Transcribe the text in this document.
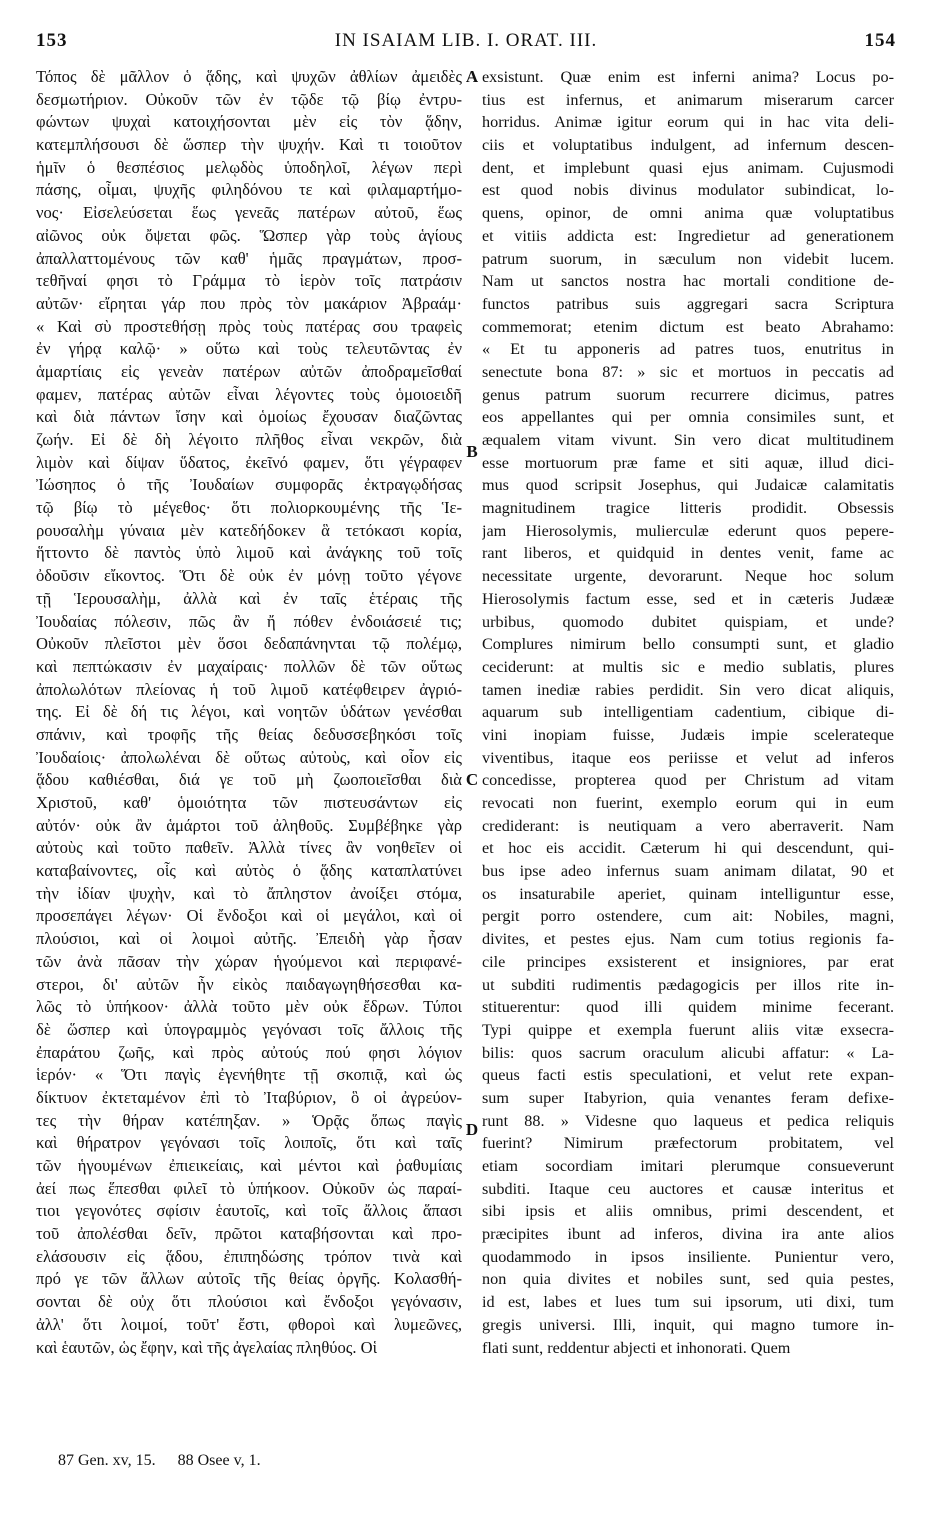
153	IN ISAIAM LIB. I. ORAT. III.	154
Τόπος δὲ μᾶλλον ὁ ᾅδης, καὶ ψυχῶν ἀθλίων ἀμειδὲς
δεσμωτήριον. Οὐκοῦν τῶν ἐν τῷδε τῷ βίῳ ἐντρυ-
φώντων ψυχαὶ κατοιχήσονται μὲν εἰς τὸν ᾅδην,
κατεμπλήσουσι δὲ ὥσπερ τὴν ψυχήν. Καὶ τι τοιοῦτον
ἡμῖν ὁ θεσπέσιος μελῳδὸς ὑποδηλοῖ, λέγων περὶ
πάσης, οἶμαι, ψυχῆς φιληδόνου τε καὶ φιλαμαρτήμο-
νος· Εἰσελεύσεται ἕως γενεᾶς πατέρων αὐτοῦ, ἕως
αἰῶνος οὐκ ὄψεται φῶς. Ὥσπερ γὰρ τοὺς ἁγίους
ἀπαλλαττομένους τῶν καθ' ἡμᾶς πραγμάτων, προσ-
τεθῆναί φησι τὸ Γράμμα τὸ ἱερὸν τοῖς πατράσιν
αὐτῶν· εἴρηται γάρ που πρὸς τὸν μακάριον Ἀβραάμ·
« Καὶ σὺ προστεθήσῃ πρὸς τοὺς πατέρας σου τραφεὶς
ἐν γήρᾳ καλῷ· » οὕτω καὶ τοὺς τελευτῶντας ἐν
ἁμαρτίαις εἰς γενεὰν πατέρων αὐτῶν ἀποδραμεῖσθαί
φαμεν, πατέρας αὐτῶν εἶναι λέγοντες τοὺς ὁμοιοειδῆ
καὶ διὰ πάντων ἴσην καὶ ὁμοίως ἔχουσαν διαζῶντας
ζωήν. Εἰ δὲ δὴ λέγοιτο πλῆθος εἶναι νεκρῶν, διὰ
λιμὸν καὶ δίψαν ὕδατος, ἐκεῖνό φαμεν, ὅτι γέγραφεν
Ἰώσηπος ὁ τῆς Ἰουδαίων συμφορᾶς ἐκτραγῳδήσας
τῷ βίῳ τὸ μέγεθος· ὅτι πολιορκουμένης τῆς Ἱε-
ρουσαλὴμ γύναια μὲν κατεδήδοκεν ἃ τετόκασι κορία,
ἥττοντο δὲ παντὸς ὑπὸ λιμοῦ καὶ ἀνάγκης τοῦ τοῖς
ὀδοῦσιν εἴκοντος. Ὅτι δὲ οὐκ ἐν μόνῃ τοῦτο γέγονε
τῇ Ἱερουσαλὴμ, ἀλλὰ καὶ ἐν ταῖς ἑτέραις τῆς
Ἰουδαίας πόλεσιν, πῶς ἂν ἤ πόθεν ἐνδοιάσειέ τις;
Οὐκοῦν πλεῖστοι μὲν ὅσοι δεδαπάνηνται τῷ πολέμῳ,
καὶ πεπτώκασιν ἐν μαχαίραις· πολλῶν δὲ τῶν οὕτως
ἀπολωλότων πλείονας ἡ τοῦ λιμοῦ κατέφθειρεν ἀγριό-
της. Εἰ δὲ δή τις λέγοι, καὶ νοητῶν ὑδάτων γενέσθαι
σπάνιν, καὶ τροφῆς τῆς θείας δεδυσσεβηκόσι τοῖς
Ἰουδαίοις· ἀπολωλέναι δὲ οὕτως αὐτοὺς, καὶ οἷον εἰς
ᾅδου καθιέσθαι, διά γε τοῦ μὴ ζωοποιεῖσθαι διὰ
Χριστοῦ, καθ' ὁμοιότητα τῶν πιστευσάντων εἰς
αὐτόν· οὐκ ἂν ἁμάρτοι τοῦ ἀληθοῦς. Συμβέβηκε γὰρ
αὐτοὺς καὶ τοῦτο παθεῖν. Ἀλλὰ τίνες ἂν νοηθεῖεν οἱ
καταβαίνοντες, οἷς καὶ αὐτὸς ὁ ᾅδης καταπλατύνει
τὴν ἰδίαν ψυχὴν, καὶ τὸ ἄπληστον ἀνοίξει στόμα,
προσεπάγει λέγων· Οἱ ἔνδοξοι καὶ οἱ μεγάλοι, καὶ οἱ
πλούσιοι, καὶ οἱ λοιμοὶ αὐτῆς. Ἐπειδὴ γὰρ ἦσαν
τῶν ἀνὰ πᾶσαν τὴν χώραν ἡγούμενοι καὶ περιφανέ-
στεροι, δι' αὐτῶν ἦν εἰκὸς παιδαγωγηθήσεσθαι κα-
λῶς τὸ ὑπήκοον· ἀλλὰ τοῦτο μὲν οὐκ ἔδρων. Τύποι
δὲ ὥσπερ καὶ ὑπογραμμὸς γεγόνασι τοῖς ἄλλοις τῆς
ἐπαράτου ζωῆς, καὶ πρὸς αὐτούς πού φησι λόγιον
ἱερόν· « Ὅτι παγὶς ἐγενήθητε τῇ σκοπιᾷ, καὶ ὡς
δίκτυον ἐκτεταμένον ἐπὶ τὸ Ἰταβύριον, ὃ οἱ ἀγρεύον-
τες τὴν θήραν κατέπηξαν. » Ὁρᾷς ὅπως παγὶς
καὶ θήρατρον γεγόνασι τοῖς λοιποῖς, ὅτι καὶ ταῖς
τῶν ἡγουμένων ἐπιεικείαις, καὶ μέντοι καὶ ῥαθυμίαις
ἀεί πως ἕπεσθαι φιλεῖ τὸ ὑπήκοον. Οὐκοῦν ὡς παραί-
τιοι γεγονότες σφίσιν ἑαυτοῖς, καὶ τοῖς ἄλλοις ἅπασι
τοῦ ἀπολέσθαι δεῖν, πρῶτοι καταβήσονται καὶ προ-
ελάσουσιν εἰς ᾅδου, ἐπιπηδώσης τρόπον τινὰ καὶ
πρό γε τῶν ἄλλων αὐτοῖς τῆς θείας ὀργῆς. Κολασθή-
σονται δὲ οὐχ ὅτι πλούσιοι καὶ ἔνδοξοι γεγόνασιν,
ἀλλ' ὅτι λοιμοί, τοῦτ' ἔστι, φθοροὶ καὶ λυμεῶνες,
καὶ ἑαυτῶν, ὡς ἔφην, καὶ τῆς ἀγελαίας πληθύος. Οἱ
exsistunt. Quæ enim est inferni anima? Locus po-
tius est infernus, et animarum miserarum carcer
horridus. Animæ igitur eorum qui in hac vita deli-
ciis et voluptatibus indulgent, ad infernum descen-
dent, et implebunt quasi ejus animam. Cujusmodi
est quod nobis divinus modulator subindicat, lo-
quens, opinor, de omni anima quæ voluptatibus
et vitiis addicta est: Ingredietur ad generationem
patrum suorum, in sæculum non videbit lucem.
Nam ut sanctos nostra hac mortali conditione de-
functos patribus suis aggregari sacra Scriptura
commemorat; etenim dictum est beato Abrahamo:
« Et tu apponeris ad patres tuos, enutritus in
senectute bona 87: » sic et mortuos in peccatis ad
genus patrum suorum recurrere dicimus, patres
eos appellantes qui per omnia consimiles sunt, et
æqualem vitam vivunt. Sin vero dicat multitudinem
esse mortuorum præ fame et siti aquæ, illud dici-
mus quod scripsit Josephus, qui Judaicæ calamitatis
magnitudinem tragice litteris prodidit. Obsessis
jam Hierosolymis, mulierculæ ederunt quos pepere-
rant liberos, et quidquid in dentes venit, fame ac
necessitate urgente, devorarunt. Neque hoc solum
Hierosolymis factum esse, sed et in cæteris Judææ
urbibus, quomodo dubitet quispiam, et unde?
Complures nimirum bello consumpti sunt, et gladio
ceciderunt: at multis sic e medio sublatis, plures
tamen inediæ rabies perdidit. Sin vero dicat aliquis,
aquarum sub intelligentiam cadentium, cibique di-
vini inopiam fuisse, Judæis impie scelerateque
viventibus, itaque eos periisse et velut ad inferos
concedisse, propterea quod per Christum ad vitam
revocati non fuerint, exemplo eorum qui in eum
crediderant: is neutiquam a vero aberraverit. Nam
et hoc eis accidit. Cæterum hi qui descendunt, qui-
bus ipse adeo infernus suam animam dilatat, 90 et
os insaturabile aperiet, quinam intelliguntur esse,
pergit porro ostendere, cum ait: Nobiles, magni,
divites, et pestes ejus. Nam cum totius regionis fa-
cile principes exsisterent et insigniores, par erat
ut subditi rudimentis pædagogicis per illos rite in-
stituerentur: quod illi quidem minime fecerant.
Typi quippe et exempla fuerunt aliis vitæ exsecra-
bilis: quos sacrum oraculum alicubi affatur: « La-
queus facti estis speculationi, et velut rete expan-
sum super Itabyrion, quia venantes feram defixe-
runt 88. » Videsne quo laqueus et pedica reliquis
fuerint? Nimirum præfectorum probitatem, vel
etiam socordiam imitari plerumque consueverunt
subditi. Itaque ceu auctores et causæ interitus et
sibi ipsis et aliis omnibus, primi descendent, et
præcipites ibunt ad inferos, divina ira ante alios
quodammodo in ipsos insiliente. Punientur vero,
non quia divites et nobiles sunt, sed quia pestes,
id est, labes et lues tum sui ipsorum, uti dixi, tum
gregis universi. Illi, inquit, qui magno tumore in-
flati sunt, reddentur abjecti et inhonorati. Quem
A
B
C
D
87 Gen. xv, 15. 88 Osee v, 1.
